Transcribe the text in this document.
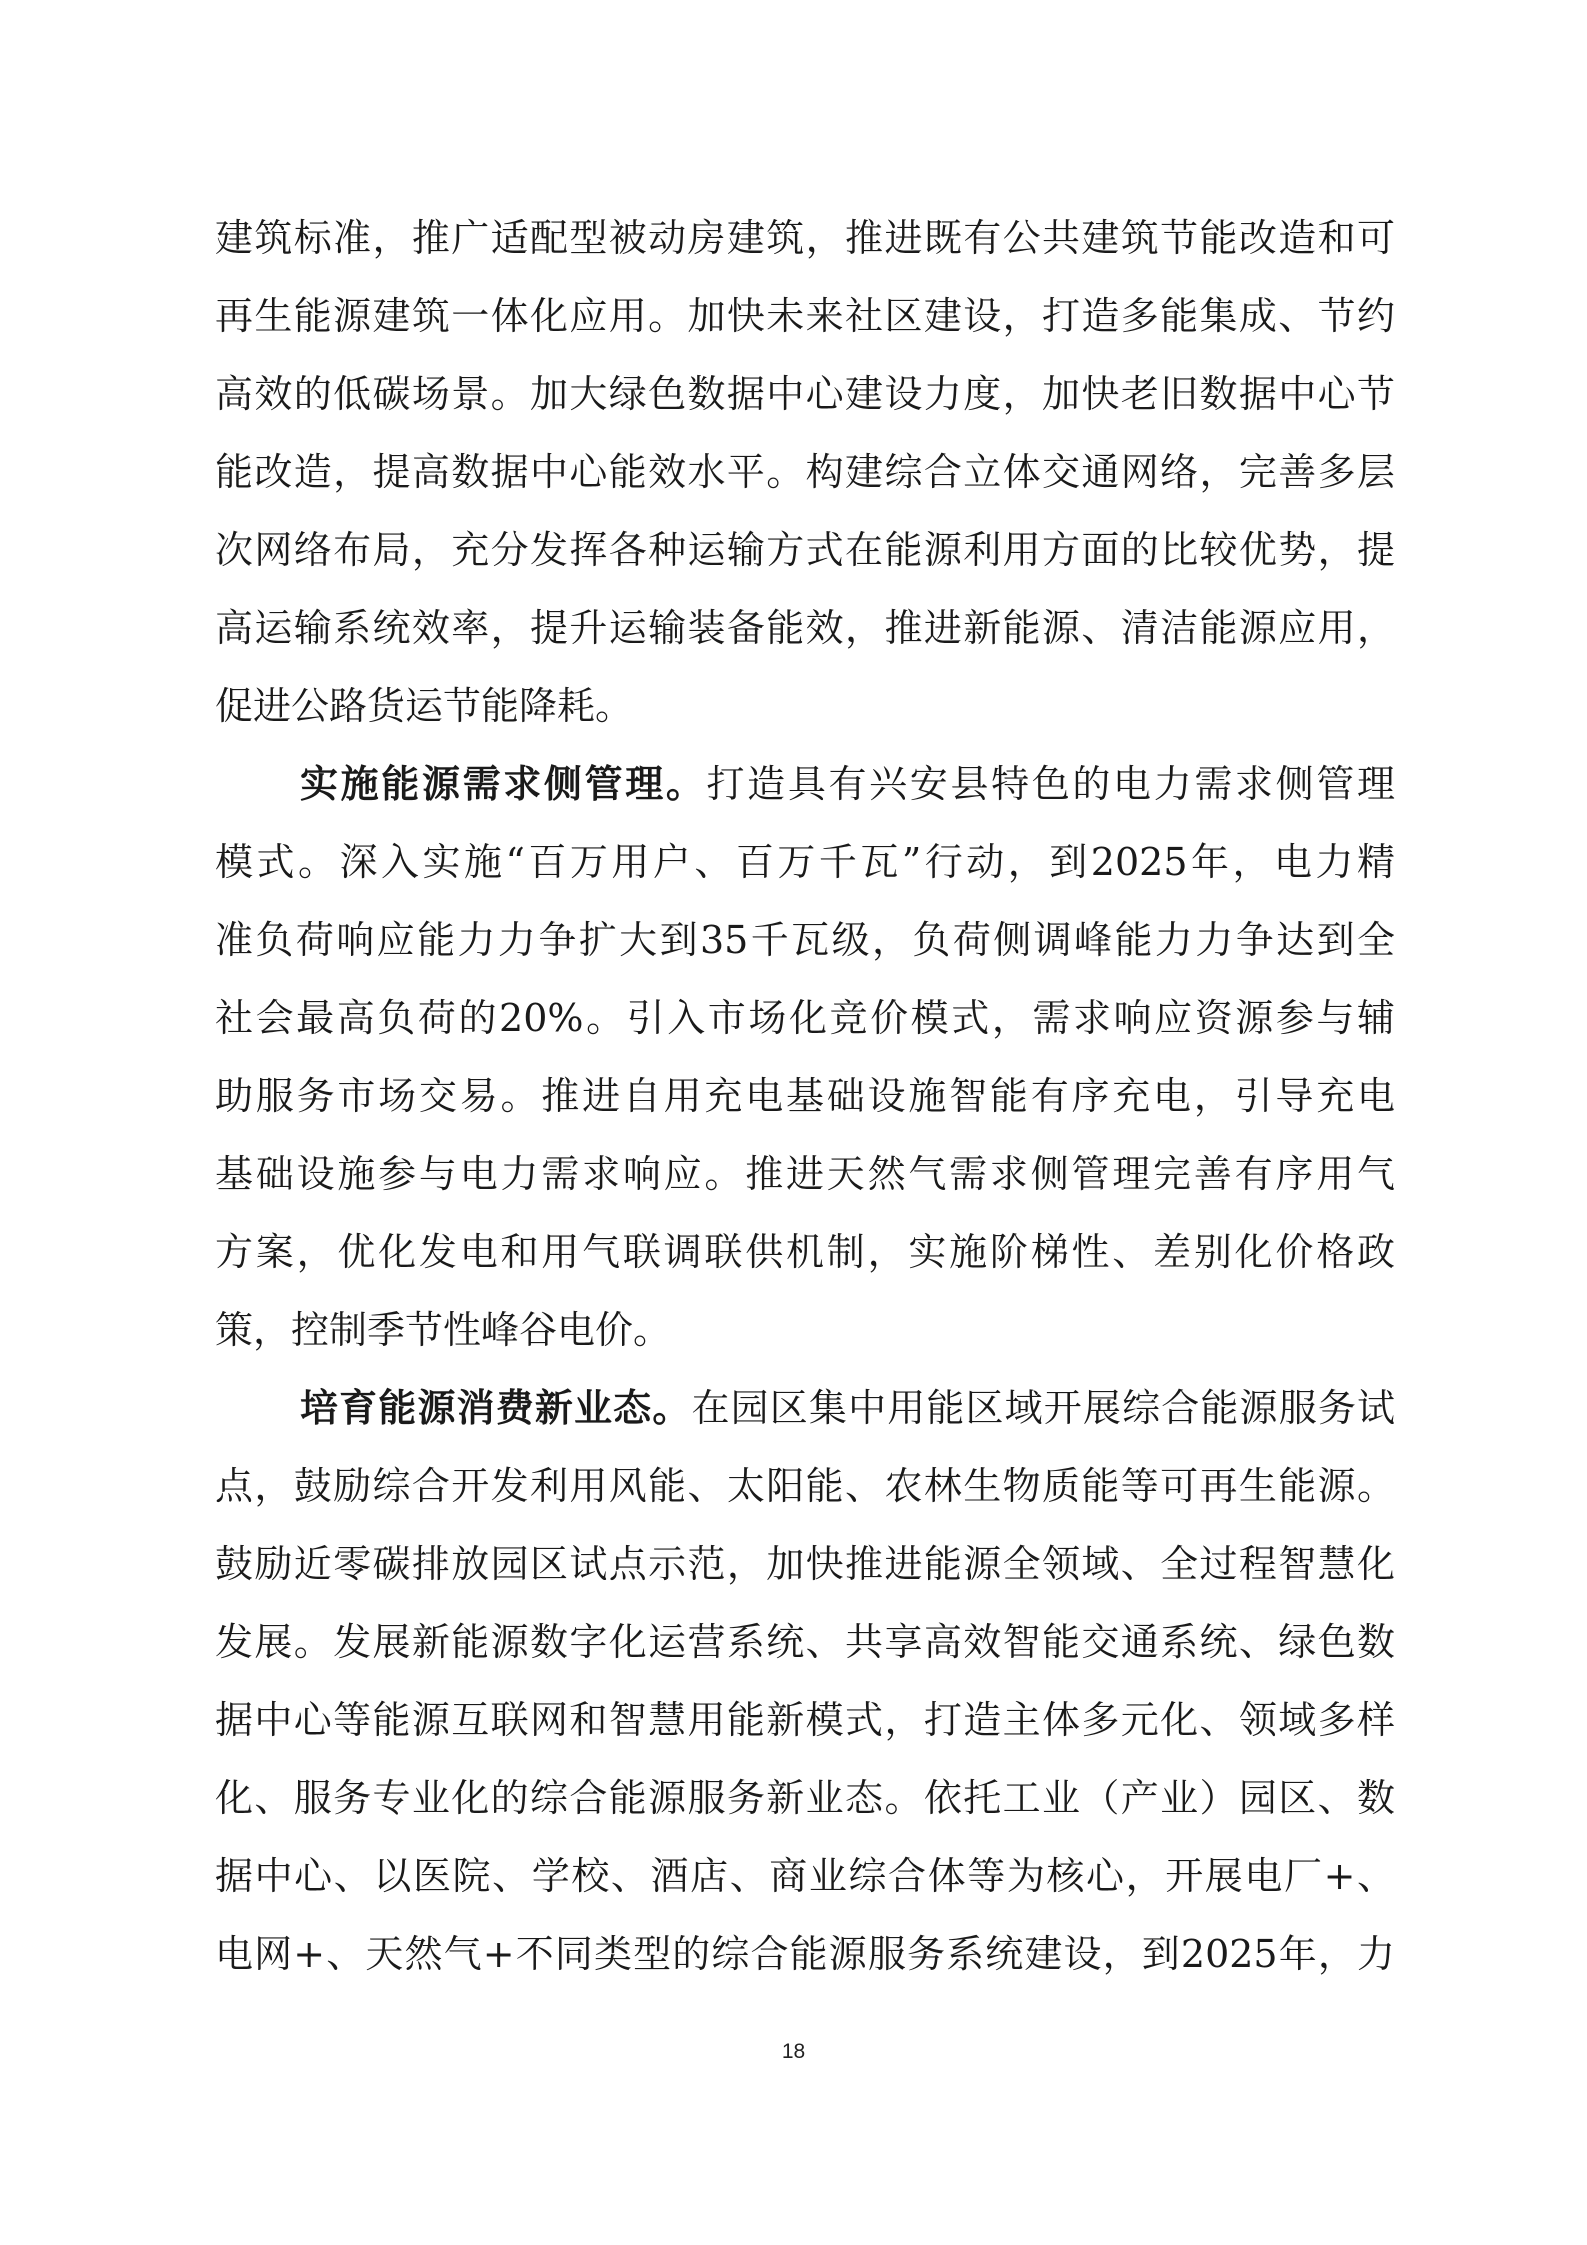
建筑标准，推广适配型被动房建筑，推进既有公共建筑节能改造和可
再生能源建筑一体化应用。加快未来社区建设，打造多能集成、节约
高效的低碳场景。加大绿色数据中心建设力度，加快老旧数据中心节
能改造，提高数据中心能效水平。构建综合立体交通网络，完善多层
次网络布局，充分发挥各种运输方式在能源利用方面的比较优势，提
高运输系统效率，提升运输装备能效，推进新能源、清洁能源应用，
促进公路货运节能降耗。
实施能源需求侧管理。打造具有兴安县特色的电力需求侧管理
模式。深入实施“百万用户、百万千瓦”行动，到2025年，电力精
准负荷响应能力力争扩大到35千瓦级，负荷侧调峰能力力争达到全
社会最高负荷的20%。引入市场化竞价模式，需求响应资源参与辅
助服务市场交易。推进自用充电基础设施智能有序充电，引导充电
基础设施参与电力需求响应。推进天然气需求侧管理完善有序用气
方案，优化发电和用气联调联供机制，实施阶梯性、差别化价格政
策，控制季节性峰谷电价。
培育能源消费新业态。在园区集中用能区域开展综合能源服务试
点，鼓励综合开发利用风能、太阳能、农林生物质能等可再生能源。
鼓励近零碳排放园区试点示范，加快推进能源全领域、全过程智慧化
发展。发展新能源数字化运营系统、共享高效智能交通系统、绿色数
据中心等能源互联网和智慧用能新模式，打造主体多元化、领域多样
化、服务专业化的综合能源服务新业态。依托工业（产业）园区、数
据中心、以医院、学校、酒店、商业综合体等为核心，开展电厂+、
电网+、天然气+不同类型的综合能源服务系统建设，到2025年，力
18
